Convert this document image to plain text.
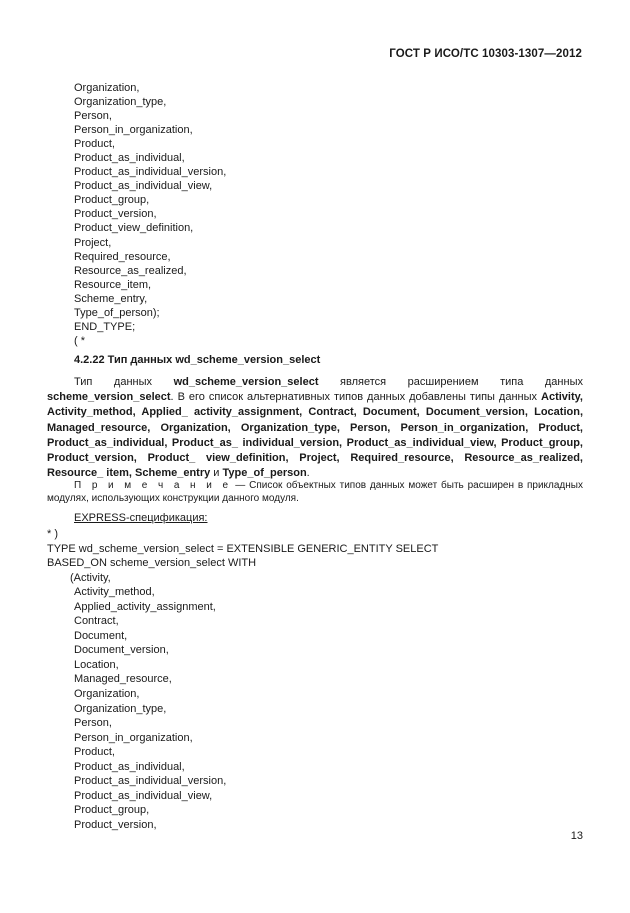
ГОСТ Р ИСО/ТС 10303-1307—2012
Organization,
Organization_type,
Person,
Person_in_organization,
Product,
Product_as_individual,
Product_as_individual_version,
Product_as_individual_view,
Product_group,
Product_version,
Product_view_definition,
Project,
Required_resource,
Resource_as_realized,
Resource_item,
Scheme_entry,
Type_of_person);
END_TYPE;
( *
4.2.22 Тип данных wd_scheme_version_select
Тип данных wd_scheme_version_select является расширением типа данных scheme_version_select. В его список альтернативных типов данных добавлены типы данных Activity, Activity_method, Applied_ activity_assignment, Contract, Document, Document_version, Location, Managed_resource, Organization, Organization_type, Person, Person_in_organization, Product, Product_as_individual, Product_as_ individual_version, Product_as_individual_view, Product_group, Product_version, Product_ view_definition, Project, Required_resource, Resource_as_realized, Resource_ item, Scheme_entry и Type_of_person.
П р и м е ч а н и е — Список объектных типов данных может быть расширен в прикладных модулях, использующих конструкции данного модуля.
EXPRESS-спецификация:
* )
TYPE wd_scheme_version_select = EXTENSIBLE GENERIC_ENTITY SELECT
BASED_ON scheme_version_select WITH
(Activity,
Activity_method,
Applied_activity_assignment,
Contract,
Document,
Document_version,
Location,
Managed_resource,
Organization,
Organization_type,
Person,
Person_in_organization,
Product,
Product_as_individual,
Product_as_individual_version,
Product_as_individual_view,
Product_group,
Product_version,
13
